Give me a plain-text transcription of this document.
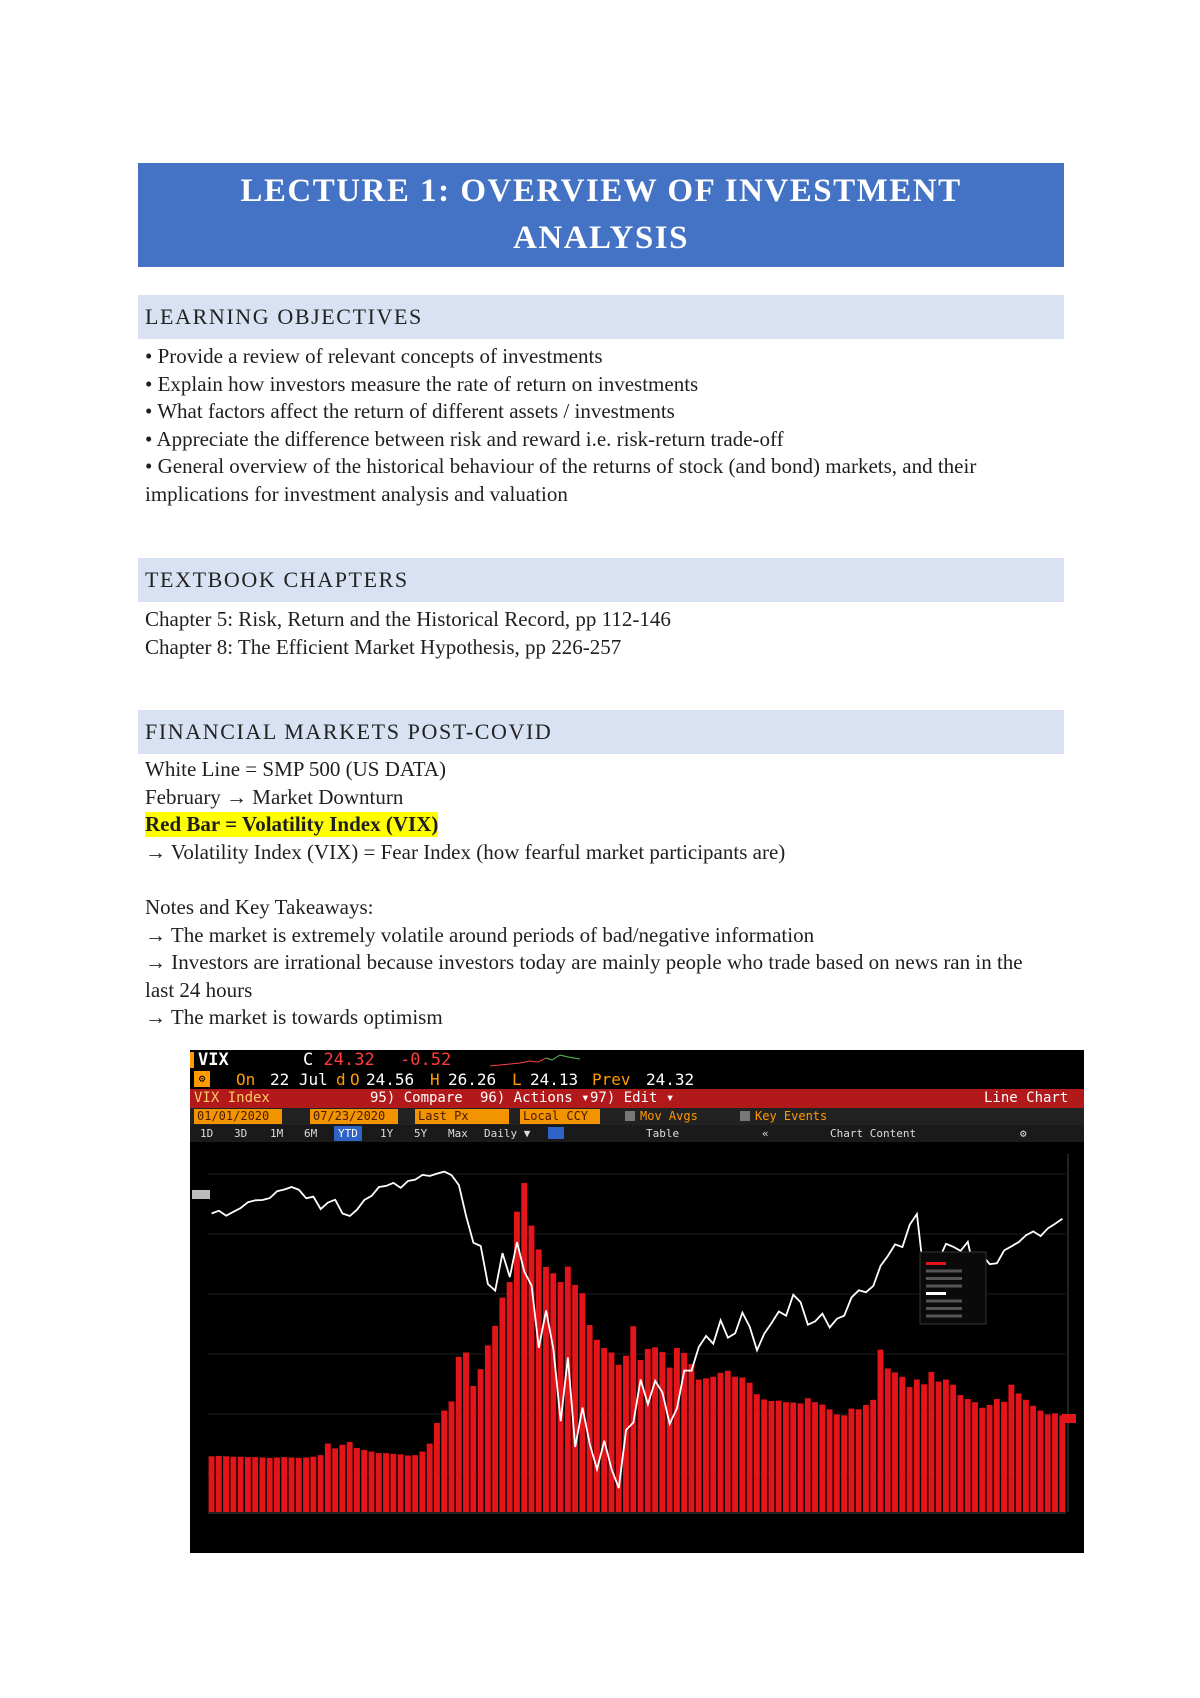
LECTURE 1: OVERVIEW OF INVESTMENT
ANALYSIS
LEARNING OBJECTIVES
• Provide a review of relevant concepts of investments
• Explain how investors measure the rate of return on investments
• What factors affect the return of different assets / investments
• Appreciate the difference between risk and reward i.e. risk-return trade-off
• General overview of the historical behaviour of the returns of stock (and bond) markets, and their implications for investment analysis and valuation
TEXTBOOK CHAPTERS
Chapter 5: Risk, Return and the Historical Record, pp 112-146
Chapter 8: The Efficient Market Hypothesis, pp 226-257
FINANCIAL MARKETS POST-COVID
White Line = SMP 500 (US DATA)
February → Market Downturn
Red Bar = Volatility Index (VIX)
→ Volatility Index (VIX) = Fear Index (how fearful market participants are)
Notes and Key Takeaways:
→ The market is extremely volatile around periods of bad/negative information
→ Investors are irrational because investors today are mainly people who trade based on news ran in the last 24 hours
→ The market is towards optimism
VIX	C 24.32 -0.52
⚙ On 22 Jul d O 24.56 H 26.26 L 24.13 Prev 24.32
VIX Index	95) Compare 96) Actions ▾ 97) Edit ▾	Line Chart
01/01/2020	07/23/2020	Last Px	Local CCY	Mov Avgs	Key Events
1D 3D 1M 6M	YTD	1Y 5Y Max Daily ▼	Table	«	Chart Content	⚙
